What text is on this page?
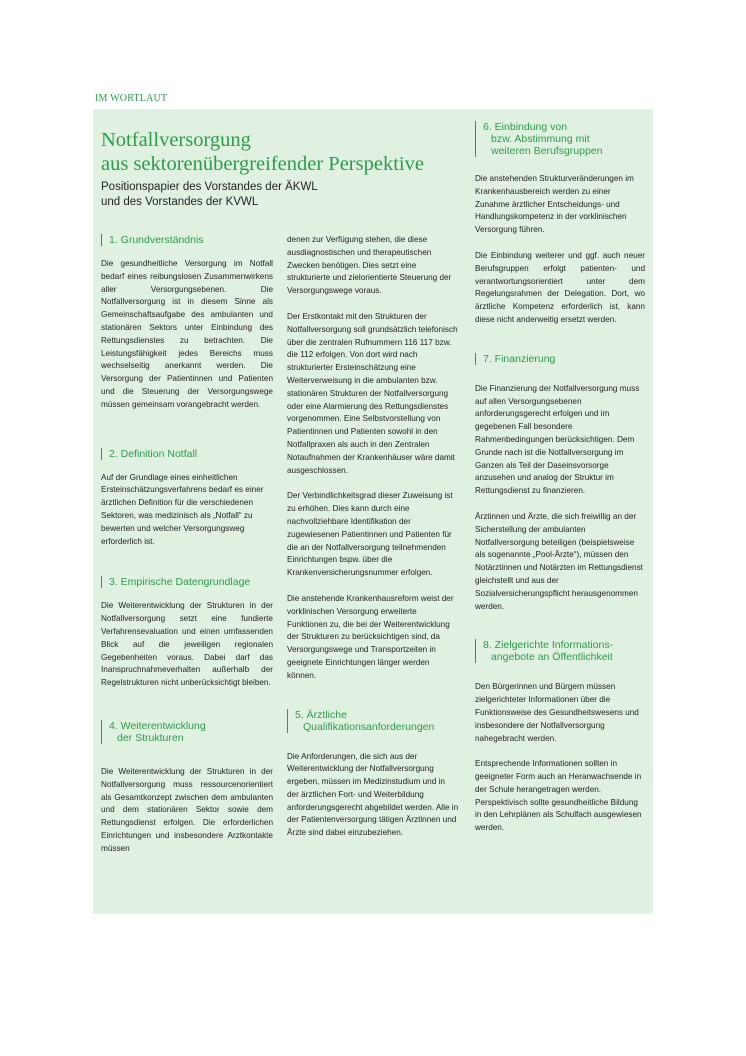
IM WORTLAUT
Notfallversorgung
aus sektorenübergreifender Perspektive
Positionspapier des Vorstandes der ÄKWL
und des Vorstandes der KVWL
1. Grundverständnis

Die gesundheitliche Versorgung im Notfall bedarf eines reibungslosen Zusammenwirkens aller Versorgungsebenen. Die Notfallversorgung ist in diesem Sinne als Gemeinschaftsaufgabe des ambulanten und stationären Sektors unter Einbindung des Rettungsdienstes zu betrachten. Die Leistungsfähigkeit jedes Bereichs muss wechselseitig anerkannt werden. Die Versorgung der Patientinnen und Patienten und die Steuerung der Versorgungswege müssen gemeinsam vorangebracht werden.

2. Definition Notfall

Auf der Grundlage eines einheitlichen Ersteinschätzungsverfahrens bedarf es einer ärztlichen Definition für die verschiedenen Sektoren, was medizinisch als „Notfall“ zu bewerten und welcher Versorgungsweg erforderlich ist.

3. Empirische Datengrundlage

Die Weiterentwicklung der Strukturen in der Notfallversorgung setzt eine fundierte Verfahrensevaluation und einen umfassenden Blick auf die jeweiligen regionalen Gegebenheiten voraus. Dabei darf das Inanspruchnahmeverhalten außerhalb der Regelstrukturen nicht unberücksichtigt bleiben.

4. Weiterentwicklung
der Strukturen

Die Weiterentwicklung der Strukturen in der Notfallversorgung muss ressourcenorientiert als Gesamtkonzept zwischen dem ambulanten und dem stationären Sektor sowie dem Rettungsdienst erfolgen. Die erforderlichen Einrichtungen und insbesondere Arztkontakte müssen

denen zur Verfügung stehen, die diese ausdiagnostischen und therapeutischen Zwecken benötigen. Dies setzt eine strukturierte und zielorientierte Steuerung der Versorgungswege voraus.

Der Erstkontakt mit den Strukturen der Notfallversorgung soll grundsätzlich telefonisch über die zentralen Rufnummern 116 117 bzw. die 112 erfolgen. Von dort wird nach strukturierter Ersteinschätzung eine Weiterverweisung in die ambulanten bzw. stationären Strukturen der Notfallversorgung oder eine Alarmierung des Rettungsdienstes vorgenommen. Eine Selbstvorstellung von Patientinnen und Patienten sowohl in den Notfallpraxen als auch in den Zentralen Notaufnahmen der Krankenhäuser wäre damit ausgeschlossen.

Der Verbindlichkeitsgrad dieser Zuweisung ist zu erhöhen. Dies kann durch eine nachvollziehbare Identifikation der zugewiesenen Patientinnen und Patienten für die an der Notfallversorgung teilnehmenden Einrichtungen bspw. über die Krankenversicherungsnummer erfolgen.

Die anstehende Krankenhausreform weist der vorklinischen Versorgung erweiterte Funktionen zu, die bei der Weiterentwicklung der Strukturen zu berücksichtigen sind, da Versorgungswege und Transportzeiten in geeignete Einrichtungen länger werden können.

5. Ärztliche
Qualifikationsanforderungen

Die Anforderungen, die sich aus der Weiterentwicklung der Notfallversorgung ergeben, müssen im Medizinstudium und in der ärztlichen Fort- und Weiterbildung anforderungsgerecht abgebildet werden. Alle in der Patientenversorgung tätigen Ärztinnen und Ärzte sind dabei einzubeziehen.

6. Einbindung von
bzw. Abstimmung mit
weiteren Berufsgruppen

Die anstehenden Strukturveränderungen im Krankenhausbereich werden zu einer Zunahme ärztlicher Entscheidungs- und Handlungskompetenz in der vorklinischen Versorgung führen.

Die Einbindung weiterer und ggf. auch neuer Berufsgruppen erfolgt patienten- und verantwortungsorientiert unter dem Regelungsrahmen der Delegation. Dort, wo ärztliche Kompetenz erforderlich ist, kann diese nicht anderweitig ersetzt werden.

7. Finanzierung

Die Finanzierung der Notfallversorgung muss auf allen Versorgungsebenen anforderungsgerecht erfolgen und im gegebenen Fall besondere Rahmenbedingungen berücksichtigen. Dem Grunde nach ist die Notfallversorgung im Ganzen als Teil der Daseinsvorsorge anzusehen und analog der Struktur im Rettungsdienst zu finanzieren.

Ärztinnen und Ärzte, die sich freiwillig an der Sicherstellung der ambulanten Notfallversorgung beteiligen (beispielsweise als sogenannte „Pool-Ärzte“), müssen den Notärztinnen und Notärzten im Rettungsdienst gleichstellt und aus der Sozialversicherungspflicht herausgenommen werden.

8. Zielgerichte Informations-
angebote an Öffentlichkeit

Den Bürgerinnen und Bürgern müssen zielgerichteter Informationen über die Funktionsweise des Gesundheitswesens und insbesondere der Notfallversorgung nahegebracht werden.

Entsprechende Informationen sollten in geeigneter Form auch an Heranwachsende in der Schule herangetragen werden. Perspektivisch sollte gesundheitliche Bildung in den Lehrplänen als Schulfach ausgewiesen werden.
